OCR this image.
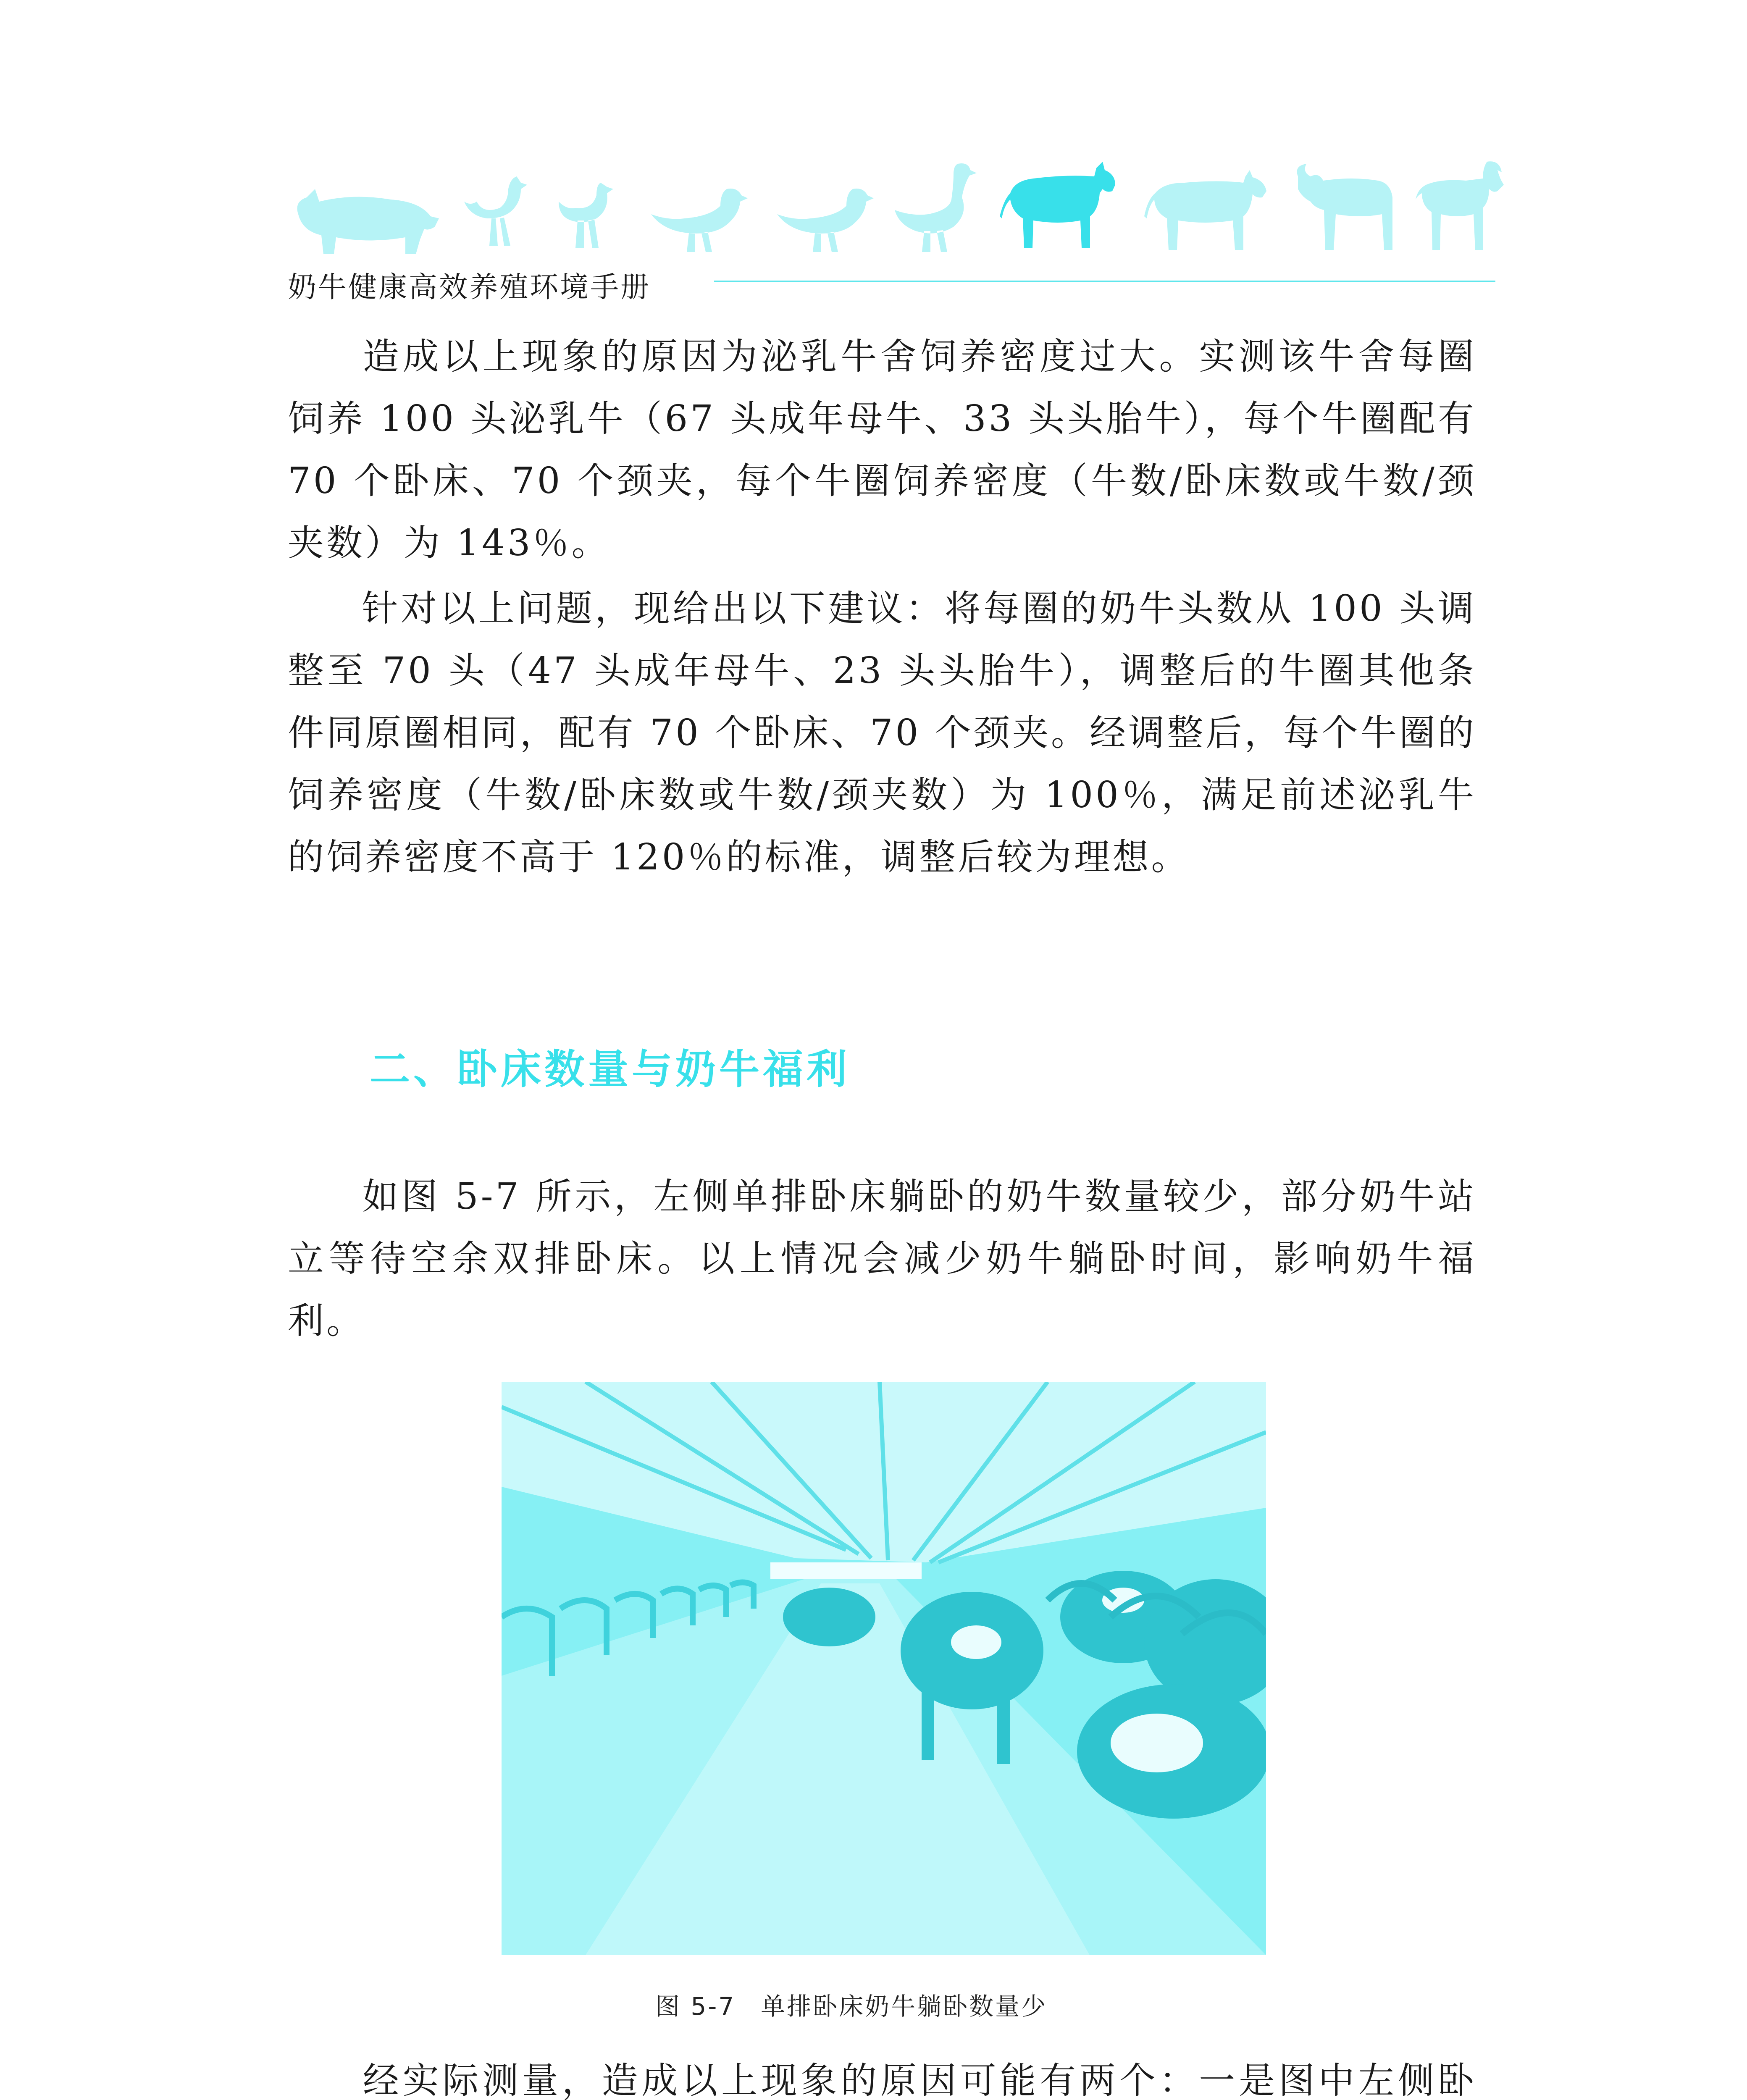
奶牛健康高效养殖环境手册

造成以上现象的原因为泌乳牛舍饲养密度过大。实测该牛舍每圈饲养 100 头泌乳牛（67 头成年母牛、33 头头胎牛），每个牛圈配有 70 个卧床、70 个颈夹，每个牛圈饲养密度（牛数/卧床数或牛数/颈夹数）为 143％。

针对以上问题，现给出以下建议：将每圈的奶牛头数从 100 头调整至 70 头（47 头成年母牛、23 头头胎牛），调整后的牛圈其他条件同原圈相同，配有 70 个卧床、70 个颈夹。经调整后，每个牛圈的饲养密度（牛数/卧床数或牛数/颈夹数）为 100％，满足前述泌乳牛的饲养密度不高于 120％的标准，调整后较为理想。

二、卧床数量与奶牛福利

如图 5-7 所示，左侧单排卧床躺卧的奶牛数量较少，部分奶牛站立等待空余双排卧床。以上情况会减少奶牛躺卧时间，影响奶牛福利。

图 5-7 单排卧床奶牛躺卧数量少

经实际测量，造成以上现象的原因可能有两个：一是图中左侧卧
